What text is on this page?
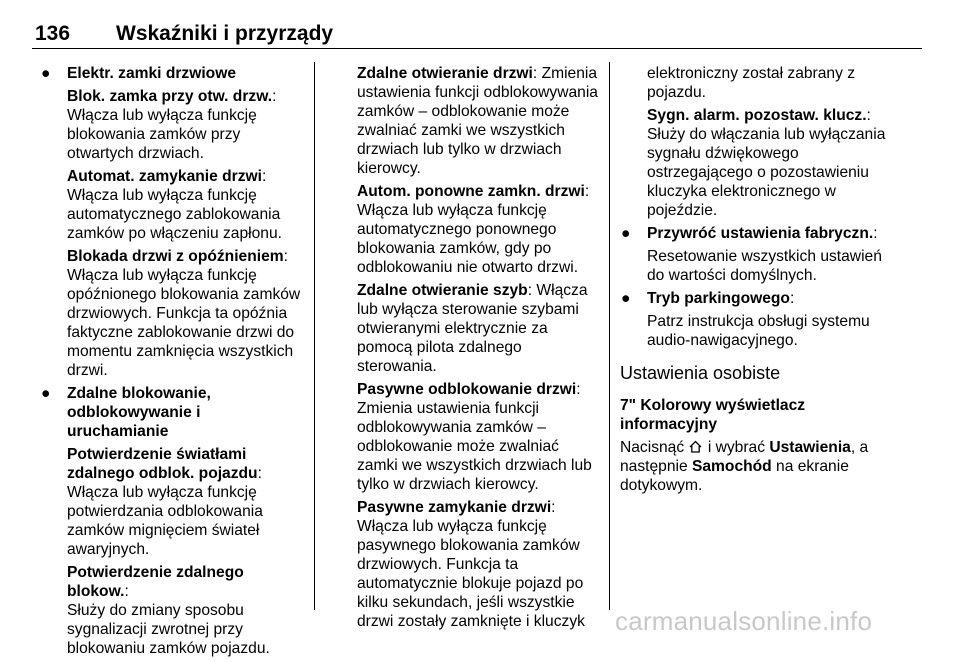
136 Wskaźniki i przyrządy
● Elektr. zamki drzwiowe
Blok. zamka przy otw. drzw.:
Włącza lub wyłącza funkcję blokowania zamków przy otwartych drzwiach.
Automat. zamykanie drzwi:
Włącza lub wyłącza funkcję automatycznego zablokowania zamków po włączeniu zapłonu.
Blokada drzwi z opóźnieniem:
Włącza lub wyłącza funkcję opóźnionego blokowania zamków drzwiowych. Funkcja ta opóźnia faktyczne zablokowanie drzwi do momentu zamknięcia wszystkich drzwi.
● Zdalne blokowanie, odblokowywanie i uruchamianie
Potwierdzenie światłami zdalnego odblok. pojazdu:
Włącza lub wyłącza funkcję potwierdzania odblokowania zamków mignięciem świateł awaryjnych.
Potwierdzenie zdalnego blokow.:
Służy do zmiany sposobu sygnalizacji zwrotnej przy blokowaniu zamków pojazdu.
Zdalne otwieranie drzwi: Zmienia ustawienia funkcji odblokowywania zamków – odblokowanie może zwalniać zamki we wszystkich drzwiach lub tylko w drzwiach kierowcy.
Autom. ponowne zamkn. drzwi: Włącza lub wyłącza funkcję automatycznego ponownego blokowania zamków, gdy po odblokowaniu nie otwarto drzwi.
Zdalne otwieranie szyb: Włącza lub wyłącza sterowanie szybami otwieranymi elektrycznie za pomocą pilota zdalnego sterowania.
Pasywne odblokowanie drzwi: Zmienia ustawienia funkcji odblokowywania zamków – odblokowanie może zwalniać zamki we wszystkich drzwiach lub tylko w drzwiach kierowcy.
Pasywne zamykanie drzwi: Włącza lub wyłącza funkcję pasywnego blokowania zamków drzwiowych. Funkcja ta automatycznie blokuje pojazd po kilku sekundach, jeśli wszystkie drzwi zostały zamknięte i kluczyk
elektroniczny został zabrany z pojazdu.
Sygn. alarm. pozostaw. klucz.:
Służy do włączania lub wyłączania sygnału dźwiękowego ostrzegającego o pozostawieniu kluczyka elektronicznego w pojeździe.
● Przywróć ustawienia fabryczn.:
Resetowanie wszystkich ustawień do wartości domyślnych.
● Tryb parkingowego:
Patrz instrukcja obsługi systemu audio-nawigacyjnego.
Ustawienia osobiste
7" Kolorowy wyświetlacz informacyjny
Nacisnąć i wybrać Ustawienia, a następnie Samochód na ekranie dotykowym.
carmanualsonline.info
